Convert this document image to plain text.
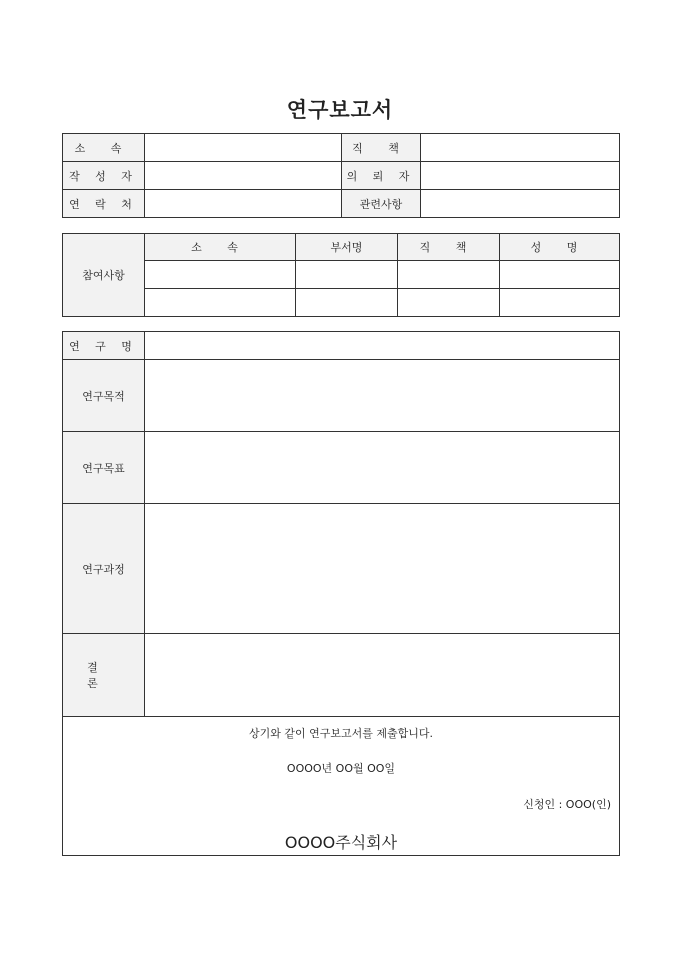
연구보고서
소 속		직 책	
작 성 자		의 뢰 자	
연 락 처		관련사항	
참여사항	소 속	부서명	직 책	성 명

연 구 명	
연구목적	
연구목표	
연구과정	
결 론	

상기와 같이 연구보고서를 제출합니다.
OOOO년 OO월 OO일
신청인 : OOO(인)
OOOO주식회사	
